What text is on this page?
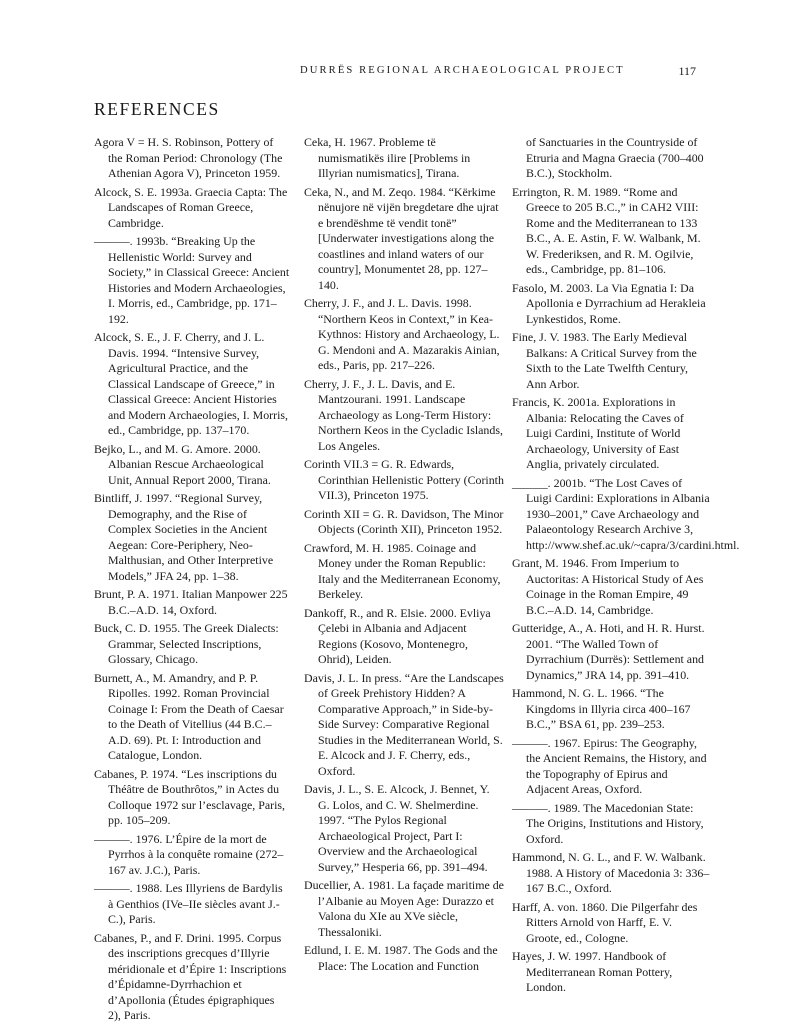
DURRËS REGIONAL ARCHAEOLOGICAL PROJECT	117
REFERENCES

Agora V = H. S. Robinson, Pottery of the Roman Period: Chronology (The Athenian Agora V), Princeton 1959.

Alcock, S. E. 1993a. Graecia Capta: The Landscapes of Roman Greece, Cambridge.

———. 1993b. “Breaking Up the Hellenistic World: Survey and Society,” in Classical Greece: Ancient Histories and Modern Archaeologies, I. Morris, ed., Cambridge, pp. 171–192.

Alcock, S. E., J. F. Cherry, and J. L. Davis. 1994. “Intensive Survey, Agricultural Practice, and the Classical Landscape of Greece,” in Classical Greece: Ancient Histories and Modern Archaeologies, I. Morris, ed., Cambridge, pp. 137–170.

Bejko, L., and M. G. Amore. 2000. Albanian Rescue Archaeological Unit, Annual Report 2000, Tirana.

Bintliff, J. 1997. “Regional Survey, Demography, and the Rise of Complex Societies in the Ancient Aegean: Core-Periphery, Neo-Malthusian, and Other Interpretive Models,” JFA 24, pp. 1–38.

Brunt, P. A. 1971. Italian Manpower 225 B.C.–A.D. 14, Oxford.

Buck, C. D. 1955. The Greek Dialects: Grammar, Selected Inscriptions, Glossary, Chicago.

Burnett, A., M. Amandry, and P. P. Ripolles. 1992. Roman Provincial Coinage I: From the Death of Caesar to the Death of Vitellius (44 B.C.–A.D. 69). Pt. I: Introduction and Catalogue, London.

Cabanes, P. 1974. “Les inscriptions du Théâtre de Bouthrôtos,” in Actes du Colloque 1972 sur l’esclavage, Paris, pp. 105–209.

———. 1976. L’Épire de la mort de Pyrrhos à la conquête romaine (272–167 av. J.C.), Paris.

———. 1988. Les Illyriens de Bardylis à Genthios (IVe–IIe siècles avant J.-C.), Paris.

Cabanes, P., and F. Drini. 1995. Corpus des inscriptions grecques d’Illyrie méridionale et d’Épire 1: Inscriptions d’Épidamne-Dyrrhachion et d’Apollonia (Études épigraphiques 2), Paris.

Ceka, H. 1967. Probleme të numismatikës ilire [Problems in Illyrian numismatics], Tirana.

Ceka, N., and M. Zeqo. 1984. “Kërkime nënujore në vijën bregdetare dhe ujrat e brendëshme të vendit tonë” [Underwater investigations along the coastlines and inland waters of our country], Monumentet 28, pp. 127–140.

Cherry, J. F., and J. L. Davis. 1998. “Northern Keos in Context,” in Kea-Kythnos: History and Archaeology, L. G. Mendoni and A. Mazarakis Ainian, eds., Paris, pp. 217–226.

Cherry, J. F., J. L. Davis, and E. Mantzourani. 1991. Landscape Archaeology as Long-Term History: Northern Keos in the Cycladic Islands, Los Angeles.

Corinth VII.3 = G. R. Edwards, Corinthian Hellenistic Pottery (Corinth VII.3), Princeton 1975.

Corinth XII = G. R. Davidson, The Minor Objects (Corinth XII), Princeton 1952.

Crawford, M. H. 1985. Coinage and Money under the Roman Republic: Italy and the Mediterranean Economy, Berkeley.

Dankoff, R., and R. Elsie. 2000. Evliya Çelebi in Albania and Adjacent Regions (Kosovo, Montenegro, Ohrid), Leiden.

Davis, J. L. In press. “Are the Landscapes of Greek Prehistory Hidden? A Comparative Approach,” in Side-by-Side Survey: Comparative Regional Studies in the Mediterranean World, S. E. Alcock and J. F. Cherry, eds., Oxford.

Davis, J. L., S. E. Alcock, J. Bennet, Y. G. Lolos, and C. W. Shelmerdine. 1997. “The Pylos Regional Archaeological Project, Part I: Overview and the Archaeological Survey,” Hesperia 66, pp. 391–494.

Ducellier, A. 1981. La façade maritime de l’Albanie au Moyen Age: Durazzo et Valona du XIe au XVe siècle, Thessaloniki.

Edlund, I. E. M. 1987. The Gods and the Place: The Location and Function

of Sanctuaries in the Countryside of Etruria and Magna Graecia (700–400 B.C.), Stockholm.

Errington, R. M. 1989. “Rome and Greece to 205 B.C.,” in CAH2 VIII: Rome and the Mediterranean to 133 B.C., A. E. Astin, F. W. Walbank, M. W. Frederiksen, and R. M. Ogilvie, eds., Cambridge, pp. 81–106.

Fasolo, M. 2003. La Via Egnatia I: Da Apollonia e Dyrrachium ad Herakleia Lynkestidos, Rome.

Fine, J. V. 1983. The Early Medieval Balkans: A Critical Survey from the Sixth to the Late Twelfth Century, Ann Arbor.

Francis, K. 2001a. Explorations in Albania: Relocating the Caves of Luigi Cardini, Institute of World Archaeology, University of East Anglia, privately circulated.

______. 2001b. “The Lost Caves of Luigi Cardini: Explorations in Albania 1930–2001,” Cave Archaeology and Palaeontology Research Archive 3, http://www.shef.ac.uk/~capra/3/cardini.html.

Grant, M. 1946. From Imperium to Auctoritas: A Historical Study of Aes Coinage in the Roman Empire, 49 B.C.–A.D. 14, Cambridge.

Gutteridge, A., A. Hoti, and H. R. Hurst. 2001. “The Walled Town of Dyrrachium (Durrës): Settlement and Dynamics,” JRA 14, pp. 391–410.

Hammond, N. G. L. 1966. “The Kingdoms in Illyria circa 400–167 B.C.,” BSA 61, pp. 239–253.

———. 1967. Epirus: The Geography, the Ancient Remains, the History, and the Topography of Epirus and Adjacent Areas, Oxford.

———. 1989. The Macedonian State: The Origins, Institutions and History, Oxford.

Hammond, N. G. L., and F. W. Walbank. 1988. A History of Macedonia 3: 336–167 B.C., Oxford.

Harff, A. von. 1860. Die Pilgerfahr des Ritters Arnold von Harff, E. V. Groote, ed., Cologne.

Hayes, J. W. 1997. Handbook of Mediterranean Roman Pottery, London.
